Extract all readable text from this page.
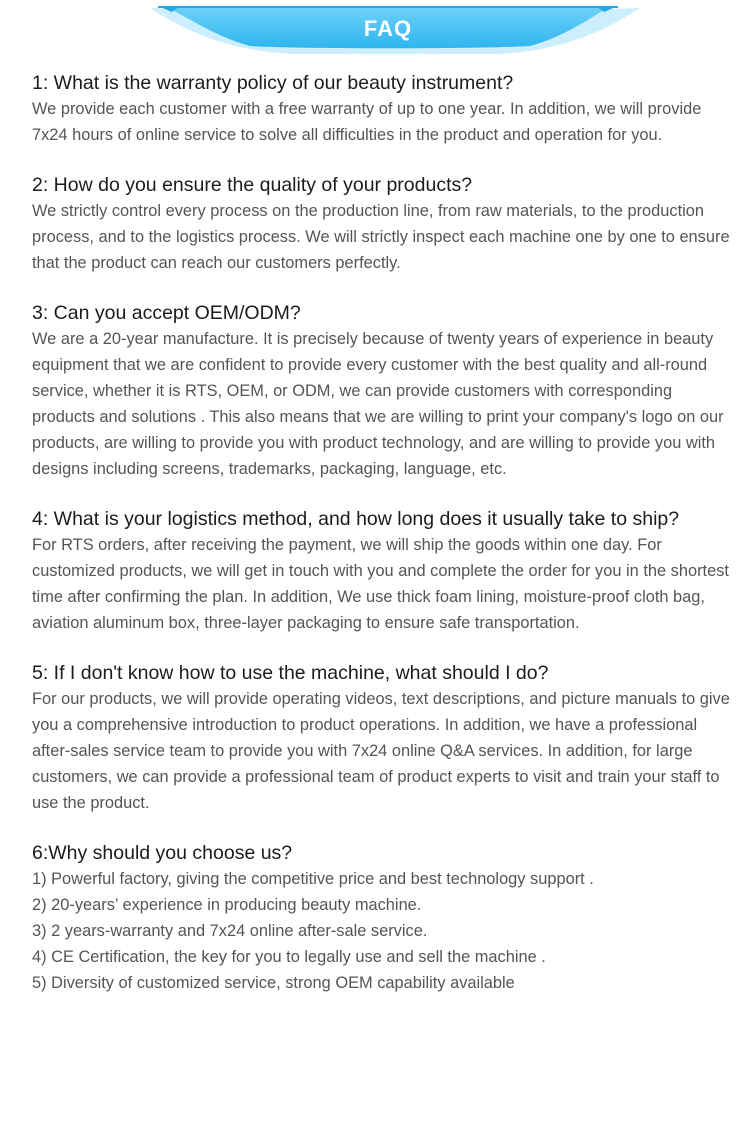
FAQ
1: What is the warranty policy of our beauty instrument?

We provide each customer with a free warranty of up to one year. In addition, we will provide 7x24 hours of online service to solve all difficulties in the product and operation for you.

2: How do you ensure the quality of your products?

We strictly control every process on the production line, from raw materials, to the production process, and to the logistics process. We will strictly inspect each machine one by one to ensure that the product can reach our customers perfectly.

3: Can you accept OEM/ODM?

We are a 20-year manufacture. It is precisely because of twenty years of experience in beauty equipment that we are confident to provide every customer with the best quality and all-round service, whether it is RTS, OEM, or ODM, we can provide customers with corresponding products and solutions . This also means that we are willing to print your company's logo on our products, are willing to provide you with product technology, and are willing to provide you with designs including screens, trademarks, packaging, language, etc.

4: What is your logistics method, and how long does it usually take to ship?

For RTS orders, after receiving the payment, we will ship the goods within one day. For customized products, we will get in touch with you and complete the order for you in the shortest time after confirming the plan. In addition, We use thick foam lining, moisture-proof cloth bag, aviation aluminum box, three-layer packaging to ensure safe transportation.

5: If I don't know how to use the machine, what should I do?

For our products, we will provide operating videos, text descriptions, and picture manuals to give you a comprehensive introduction to product operations. In addition, we have a professional after-sales service team to provide you with 7x24 online Q&A services. In addition, for large customers, we can provide a professional team of product experts to visit and train your staff to use the product.

6:Why should you choose us?

1) Powerful factory, giving the competitive price and best technology support .

2) 20-years’ experience in producing beauty machine.

3) 2 years-warranty and 7x24 online after-sale service.

4) CE Certification, the key for you to legally use and sell the machine .

5) Diversity of customized service, strong OEM capability available
